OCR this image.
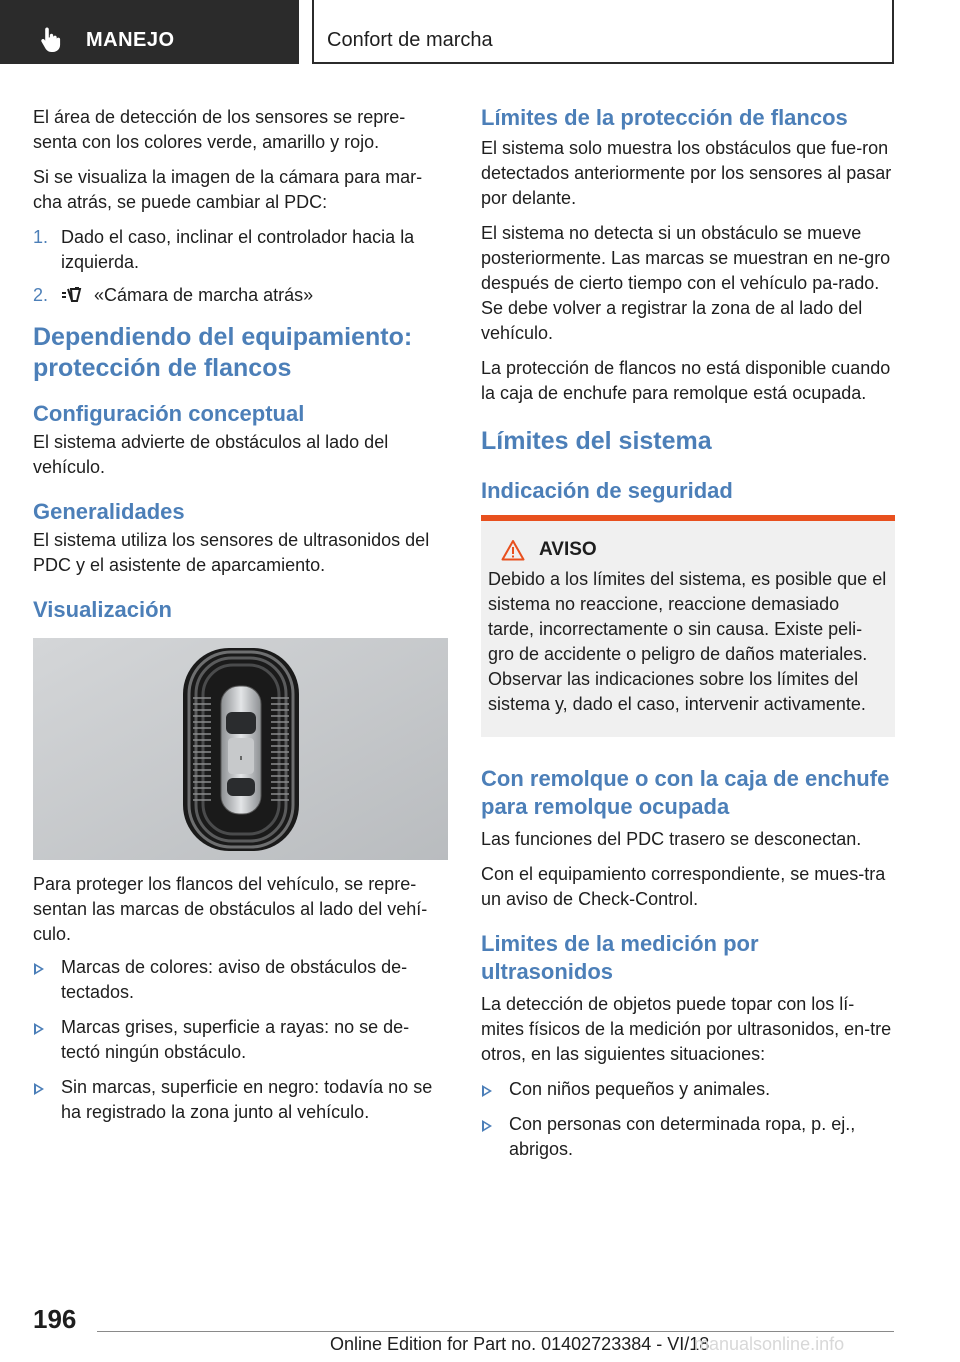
MANEJO	Confort de marcha

El área de detección de los sensores se repre‐senta con los colores verde, amarillo y rojo.

Si se visualiza la imagen de la cámara para mar‐cha atrás, se puede cambiar al PDC:

1. Dado el caso, inclinar el controlador hacia la izquierda.
2.	«Cámara de marcha atrás»
Dependiendo del equipamiento: protección de flancos
Configuración conceptual

El sistema advierte de obstáculos al lado del vehículo.

Generalidades

El sistema utiliza los sensores de ultrasonidos del PDC y el asistente de aparcamiento.

Visualización

Para proteger los flancos del vehículo, se repre‐sentan las marcas de obstáculos al lado del vehí‐culo.

Marcas de colores: aviso de obstáculos de‐tectados.
Marcas grises, superficie a rayas: no se de‐tectó ningún obstáculo.
Sin marcas, superficie en negro: todavía no se ha registrado la zona junto al vehículo.
Límites de la protección de flancos

El sistema solo muestra los obstáculos que fue‐ron detectados anteriormente por los sensores al pasar por delante.

El sistema no detecta si un obstáculo se mueve posteriormente. Las marcas se muestran en ne‐gro después de cierto tiempo con el vehículo pa‐rado. Se debe volver a registrar la zona de al lado del vehículo.

La protección de flancos no está disponible cuando la caja de enchufe para remolque está ocupada.

Límites del sistema
Indicación de seguridad
AVISO

Debido a los límites del sistema, es posible que el sistema no reaccione, reaccione demasiado tarde, incorrectamente o sin causa. Existe peli‐gro de accidente o peligro de daños materiales. Observar las indicaciones sobre los límites del sistema y, dado el caso, intervenir activamente.

Con remolque o con la caja de enchufe para remolque ocupada

Las funciones del PDC trasero se desconectan.

Con el equipamiento correspondiente, se mues‐tra un aviso de Check-Control.

Limites de la medición por ultrasonidos

La detección de objetos puede topar con los lí‐mites físicos de la medición por ultrasonidos, en‐tre otros, en las siguientes situaciones:

Con niños pequeños y animales.
Con personas con determinada ropa, p. ej., abrigos.
196
Online Edition for Part no. 01402723384 - VI/18
manualsonline.info
